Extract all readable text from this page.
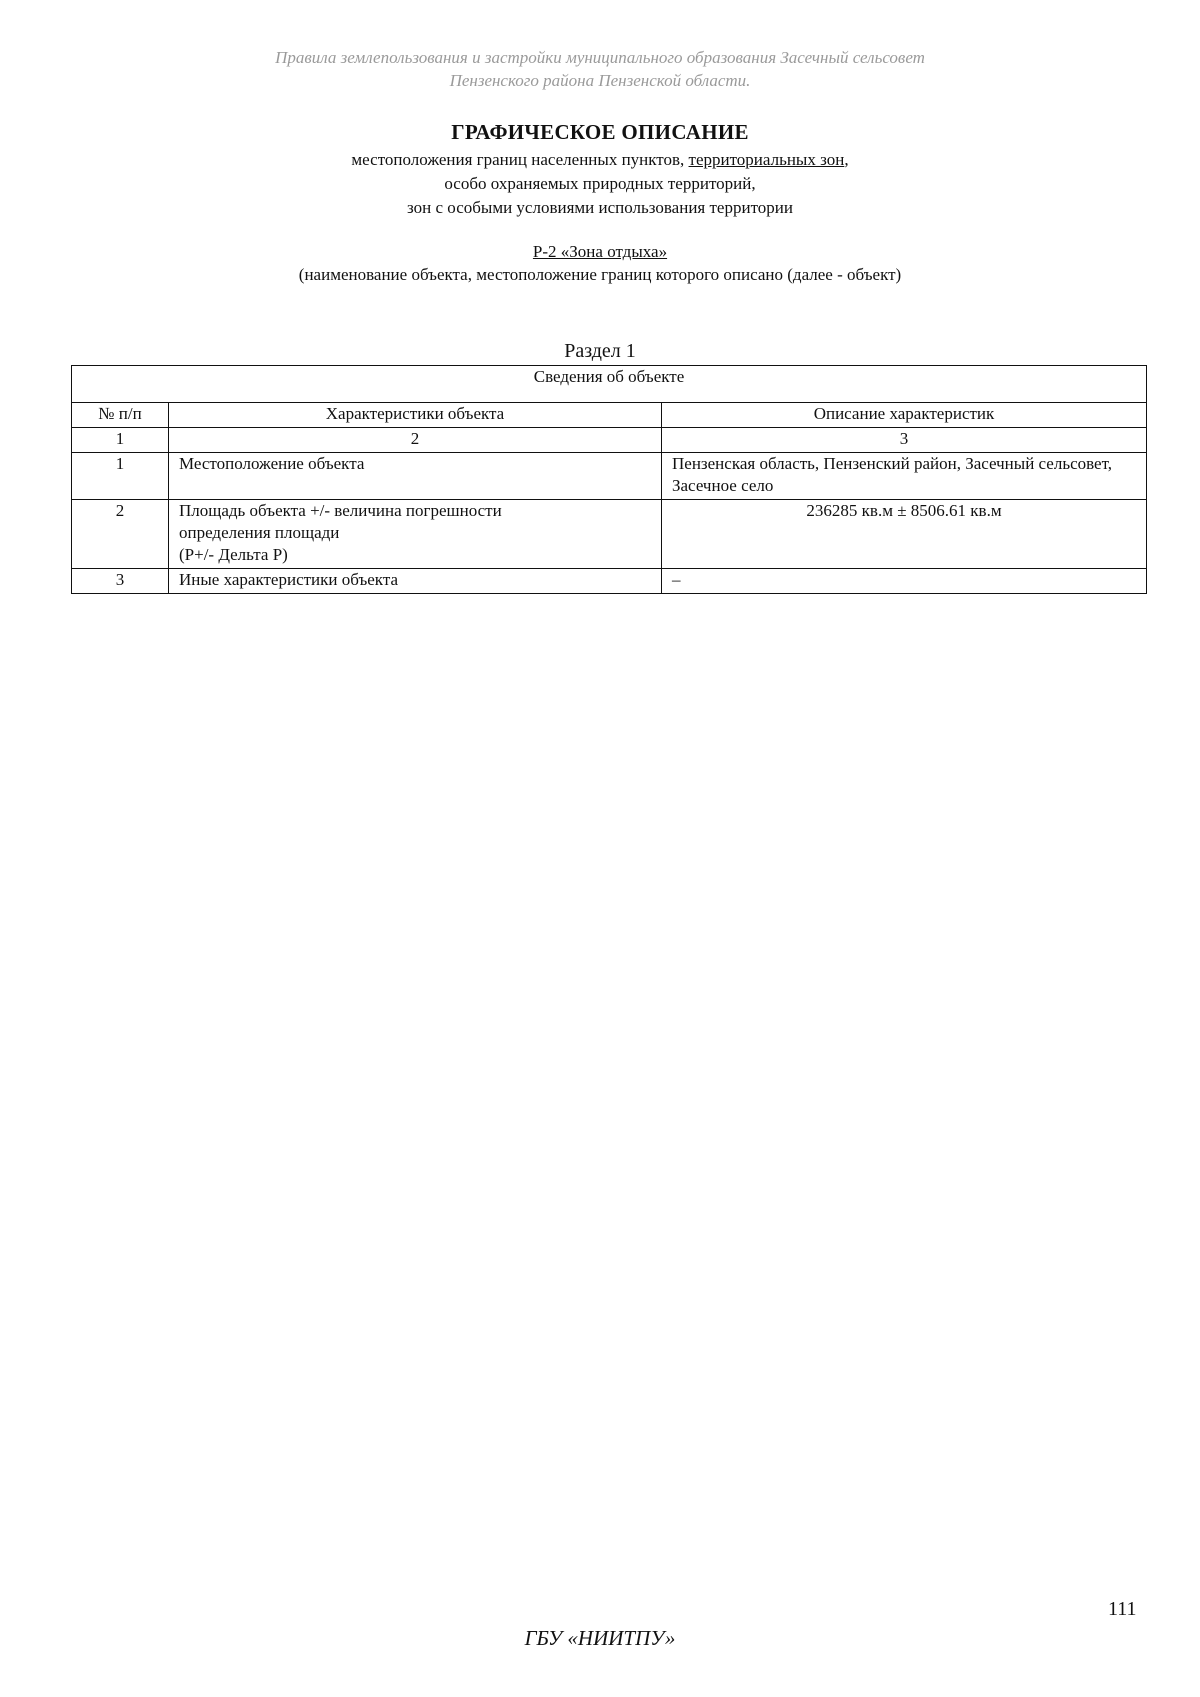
Правила землепользования и застройки муниципального образования Засечный сельсовет
Пензенского района Пензенской области.
ГРАФИЧЕСКОЕ ОПИСАНИЕ
местоположения границ населенных пунктов, территориальных зон,
особо охраняемых природных территорий,
зон с особыми условиями использования территории
Р-2 «Зона отдыха»
(наименование объекта, местоположение границ которого описано (далее - объект)
Раздел 1
Сведения об объекте		
№ п/п	Характеристики объекта	Описание характеристик
1	2	3
1	Местоположение объекта	Пензенская область, Пензенский район, Засечный сельсовет, Засечное село
2	Площадь объекта +/- величина погрешности
определения площади
(Р+/- Дельта Р)	236285 кв.м ± 8506.61 кв.м
3	Иные характеристики объекта	–
111
ГБУ «НИИТПУ»
